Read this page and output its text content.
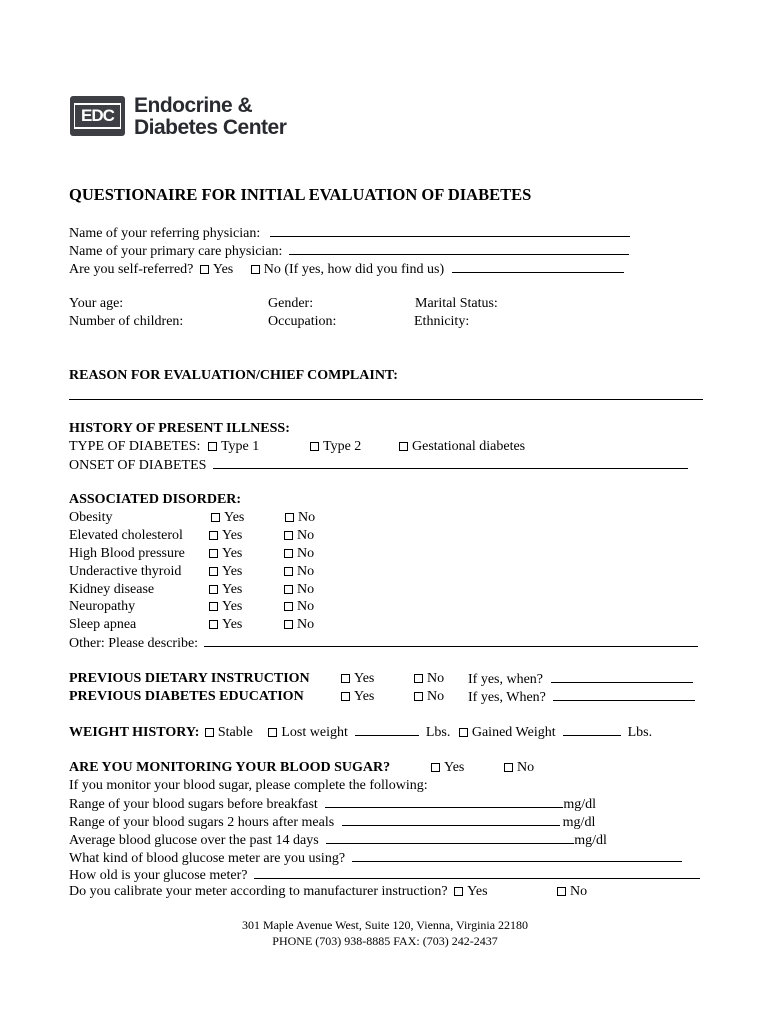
EDC Endocrine &
Diabetes Center
QUESTIONAIRE FOR INITIAL EVALUATION OF DIABETES
Name of your referring physician:
Name of your primary care physician:
Are you self-referred? Yes No (If yes, how did you find us)
Your age:	Gender:	Marital Status:
Number of children:	Occupation:	Ethnicity:
REASON FOR EVALUATION/CHIEF COMPLAINT:
HISTORY OF PRESENT ILLNESS:
TYPE OF DIABETES: Type 1	Type 2	Gestational diabetes
ONSET OF DIABETES
ASSOCIATED DISORDER:
Obesity	Yes	No
Elevated cholesterol	Yes	No
High Blood pressure	Yes	No
Underactive thyroid	Yes	No
Kidney disease	Yes	No
Neuropathy	Yes	No
Sleep apnea	Yes	No
Other: Please describe:
PREVIOUS DIETARY INSTRUCTION	Yes	No If yes, when?
PREVIOUS DIABETES EDUCATION	Yes	No If yes, When?
WEIGHT HISTORY: Stable Lost weight	Lbs. Gained Weight	Lbs.
ARE YOU MONITORING YOUR BLOOD SUGAR?	Yes	No
If you monitor your blood sugar, please complete the following:
Range of your blood sugars before breakfast	mg/dl
Range of your blood sugars 2 hours after meals	mg/dl
Average blood glucose over the past 14 days	mg/dl
What kind of blood glucose meter are you using?
How old is your glucose meter?
Do you calibrate your meter according to manufacturer instruction? Yes	No
301 Maple Avenue West, Suite 120, Vienna, Virginia 22180
PHONE (703) 938-8885 FAX: (703) 242-2437
